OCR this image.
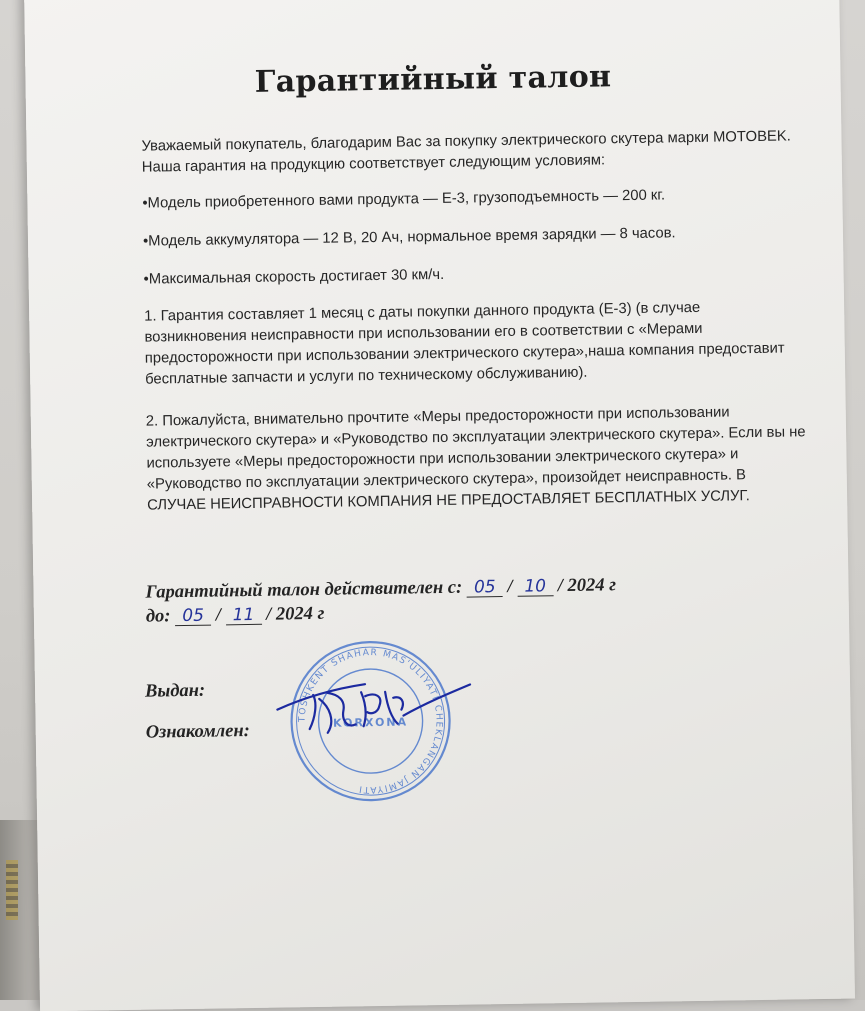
Гарантийный талон

Уважаемый покупатель, благодарим Вас за покупку электрического скутера марки MOTOBEK. Наша гарантия на продукцию соответствует следующим условиям:

•Модель приобретенного вами продукта — Е-3, грузоподъемность — 200 кг.

•Модель аккумулятора — 12 В, 20 Ач, нормальное время зарядки — 8 часов.

•Максимальная скорость достигает 30 км/ч.

1. Гарантия составляет 1 месяц с даты покупки данного продукта (Е-3) (в случае возникновения неисправности при использовании его в соответствии с «Мерами предосторожности при использовании электрического скутера»,наша компания предоставит бесплатные запчасти и услуги по техническому обслуживанию).

2. Пожалуйста, внимательно прочтите «Меры предосторожности при использовании электрического скутера» и «Руководство по эксплуатации электрического скутера». Если вы не используете «Меры предосторожности при использовании электрического скутера» и «Руководство по эксплуатации электрического скутера», произойдет неисправность. В СЛУЧАЕ НЕИСПРАВНОСТИ КОМПАНИЯ НЕ ПРЕДОСТАВЛЯЕТ БЕСПЛАТНЫХ УСЛУГ.

Гарантийный талон действителен с: 05 / 10 / 2024 г
до: 05 / 11 / 2024 г
Выдан:
Ознакомлен:
TOSHKENT SHAHAR MAS'ULIYATI CHEKLANGAN JAMIYATI
KORXONA
